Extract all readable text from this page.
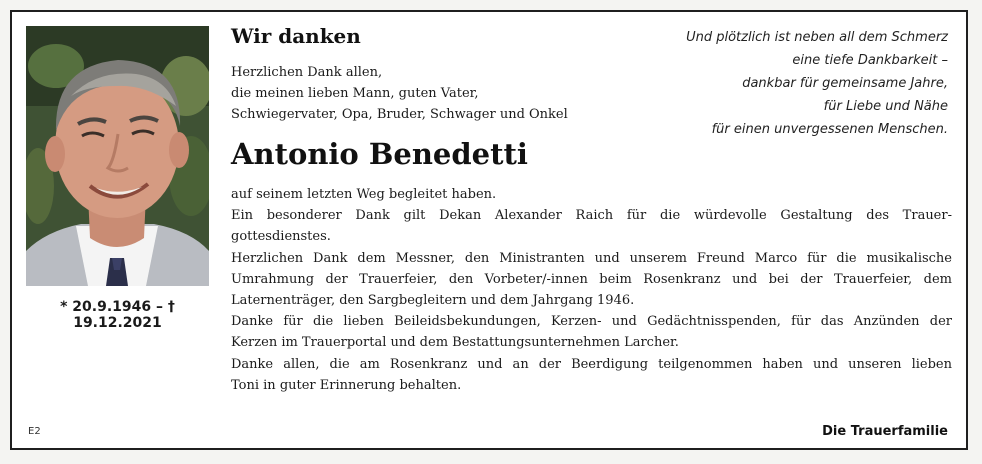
* 20.9.1946 – † 19.12.2021
E2
Wir danken
Herzlichen Dank allen,
die meinen lieben Mann, guten Vater,
Schwiegervater, Opa, Bruder, Schwager und Onkel
Und plötzlich ist neben all dem Schmerz
eine tiefe Dankbarkeit –
dankbar für gemeinsame Jahre,
für Liebe und Nähe
für einen unvergessenen Menschen.
Antonio Benedetti
auf seinem letzten Weg begleitet haben.
Ein besonderer Dank gilt Dekan Alexander Raich für die würdevolle Gestaltung des Trauer-
gottesdienstes.
Herzlichen Dank dem Messner, den Ministranten und unserem Freund Marco für die musikalische
Umrahmung der Trauerfeier, den Vorbeter/-innen beim Rosenkranz und bei der Trauerfeier, dem
Laternenträger, den Sargbegleitern und dem Jahrgang 1946.
Danke für die lieben Beileidsbekundungen, Kerzen- und Gedächtnisspenden, für das Anzünden der
Kerzen im Trauerportal und dem Bestattungsunternehmen Larcher.
Danke allen, die am Rosenkranz und an der Beerdigung teilgenommen haben und unseren lieben
Toni in guter Erinnerung behalten.
Die Trauerfamilie
